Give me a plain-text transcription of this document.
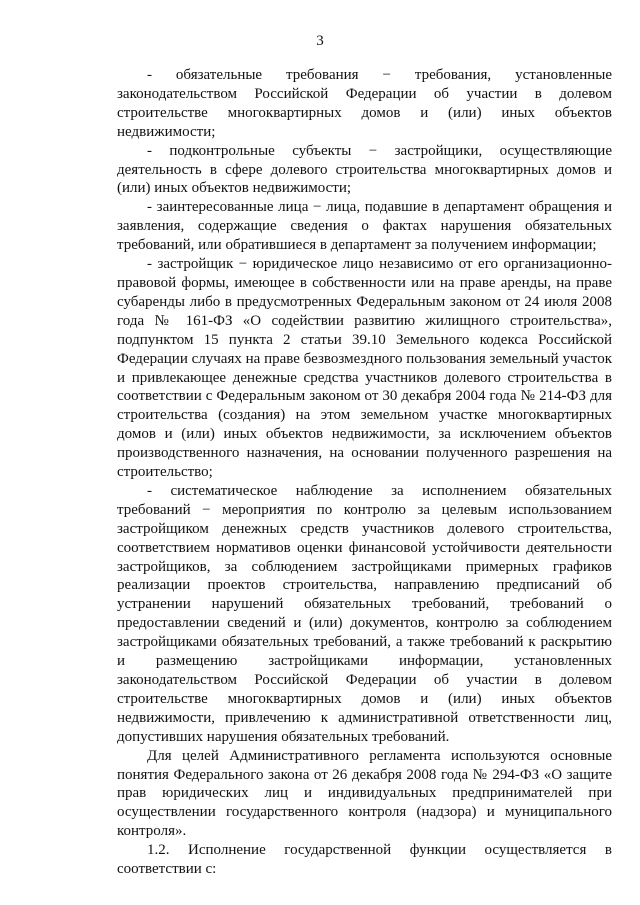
3

- обязательные требования − требования, установленные законодательством Российской Федерации об участии в долевом строительстве многоквартирных домов и (или) иных объектов недвижимости;

- подконтрольные субъекты − застройщики, осуществляющие деятельность в сфере долевого строительства многоквартирных домов и (или) иных объектов недвижимости;

- заинтересованные лица − лица, подавшие в департамент обращения и заявления, содержащие сведения о фактах нарушения обязательных требований, или обратившиеся в департамент за получением информации;

- застройщик − юридическое лицо независимо от его организационно-правовой формы, имеющее в собственности или на праве аренды, на праве субаренды либо в предусмотренных Федеральным законом от 24 июля 2008 года № 161-ФЗ «О содействии развитию жилищного строительства», подпунктом 15 пункта 2 статьи 39.10 Земельного кодекса Российской Федерации случаях на праве безвозмездного пользования земельный участок и привлекающее денежные средства участников долевого строительства в соответствии с Федеральным законом от 30 декабря 2004 года № 214-ФЗ для строительства (создания) на этом земельном участке многоквартирных домов и (или) иных объектов недвижимости, за исключением объектов производственного назначения, на основании полученного разрешения на строительство;

- систематическое наблюдение за исполнением обязательных требований − мероприятия по контролю за целевым использованием застройщиком денежных средств участников долевого строительства, соответствием нормативов оценки финансовой устойчивости деятельности застройщиков, за соблюдением застройщиками примерных графиков реализации проектов строительства, направлению предписаний об устранении нарушений обязательных требований, требований о предоставлении сведений и (или) документов, контролю за соблюдением застройщиками обязательных требований, а также требований к раскрытию и размещению застройщиками информации, установленных законодательством Российской Федерации об участии в долевом строительстве многоквартирных домов и (или) иных объектов недвижимости, привлечению к административной ответственности лиц, допустивших нарушения обязательных требований.

Для целей Административного регламента используются основные понятия Федерального закона от 26 декабря 2008 года № 294-ФЗ «О защите прав юридических лиц и индивидуальных предпринимателей при осуществлении государственного контроля (надзора) и муниципального контроля».

1.2. Исполнение государственной функции осуществляется в соответствии с:
